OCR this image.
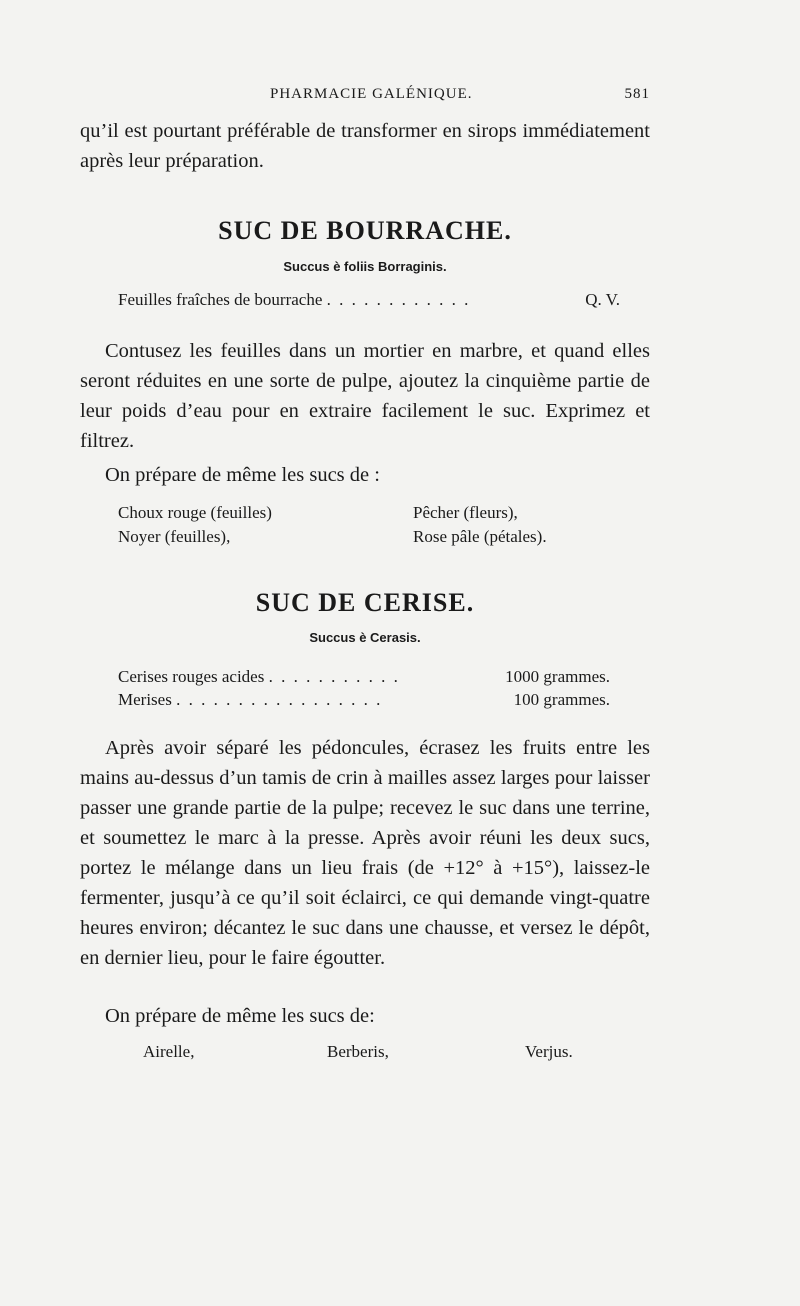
PHARMACIE GALÉNIQUE.	581
qu’il est pourtant préférable de transformer en sirops immédiatement après leur préparation.
SUC DE BOURRACHE.
Succus è foliis Borraginis.
Feuilles fraîches de bourrache . . . . . . . . . . . .	Q. V.
Contusez les feuilles dans un mortier en marbre, et quand elles seront réduites en une sorte de pulpe, ajoutez la cinquième partie de leur poids d’eau pour en extraire facilement le suc. Exprimez et filtrez.
On prépare de même les sucs de :
Choux rouge (feuilles)	Pêcher (fleurs),
Noyer (feuilles),	Rose pâle (pétales).
SUC DE CERISE.
Succus è Cerasis.
Cerises rouges acides . . . . . . . . . . .	1000 grammes.
Merises . . . . . . . . . . . . . . . . .	100 grammes.
Après avoir séparé les pédoncules, écrasez les fruits entre les mains au-dessus d’un tamis de crin à mailles assez larges pour laisser passer une grande partie de la pulpe; recevez le suc dans une terrine, et soumettez le marc à la presse. Après avoir réuni les deux sucs, portez le mélange dans un lieu frais (de +12° à +15°), laissez-le fermenter, jusqu’à ce qu’il soit éclairci, ce qui demande vingt-quatre heures environ; décantez le suc dans une chausse, et versez le dépôt, en dernier lieu, pour le faire égoutter.
On prépare de même les sucs de:
Airelle,	Berberis,	Verjus.
